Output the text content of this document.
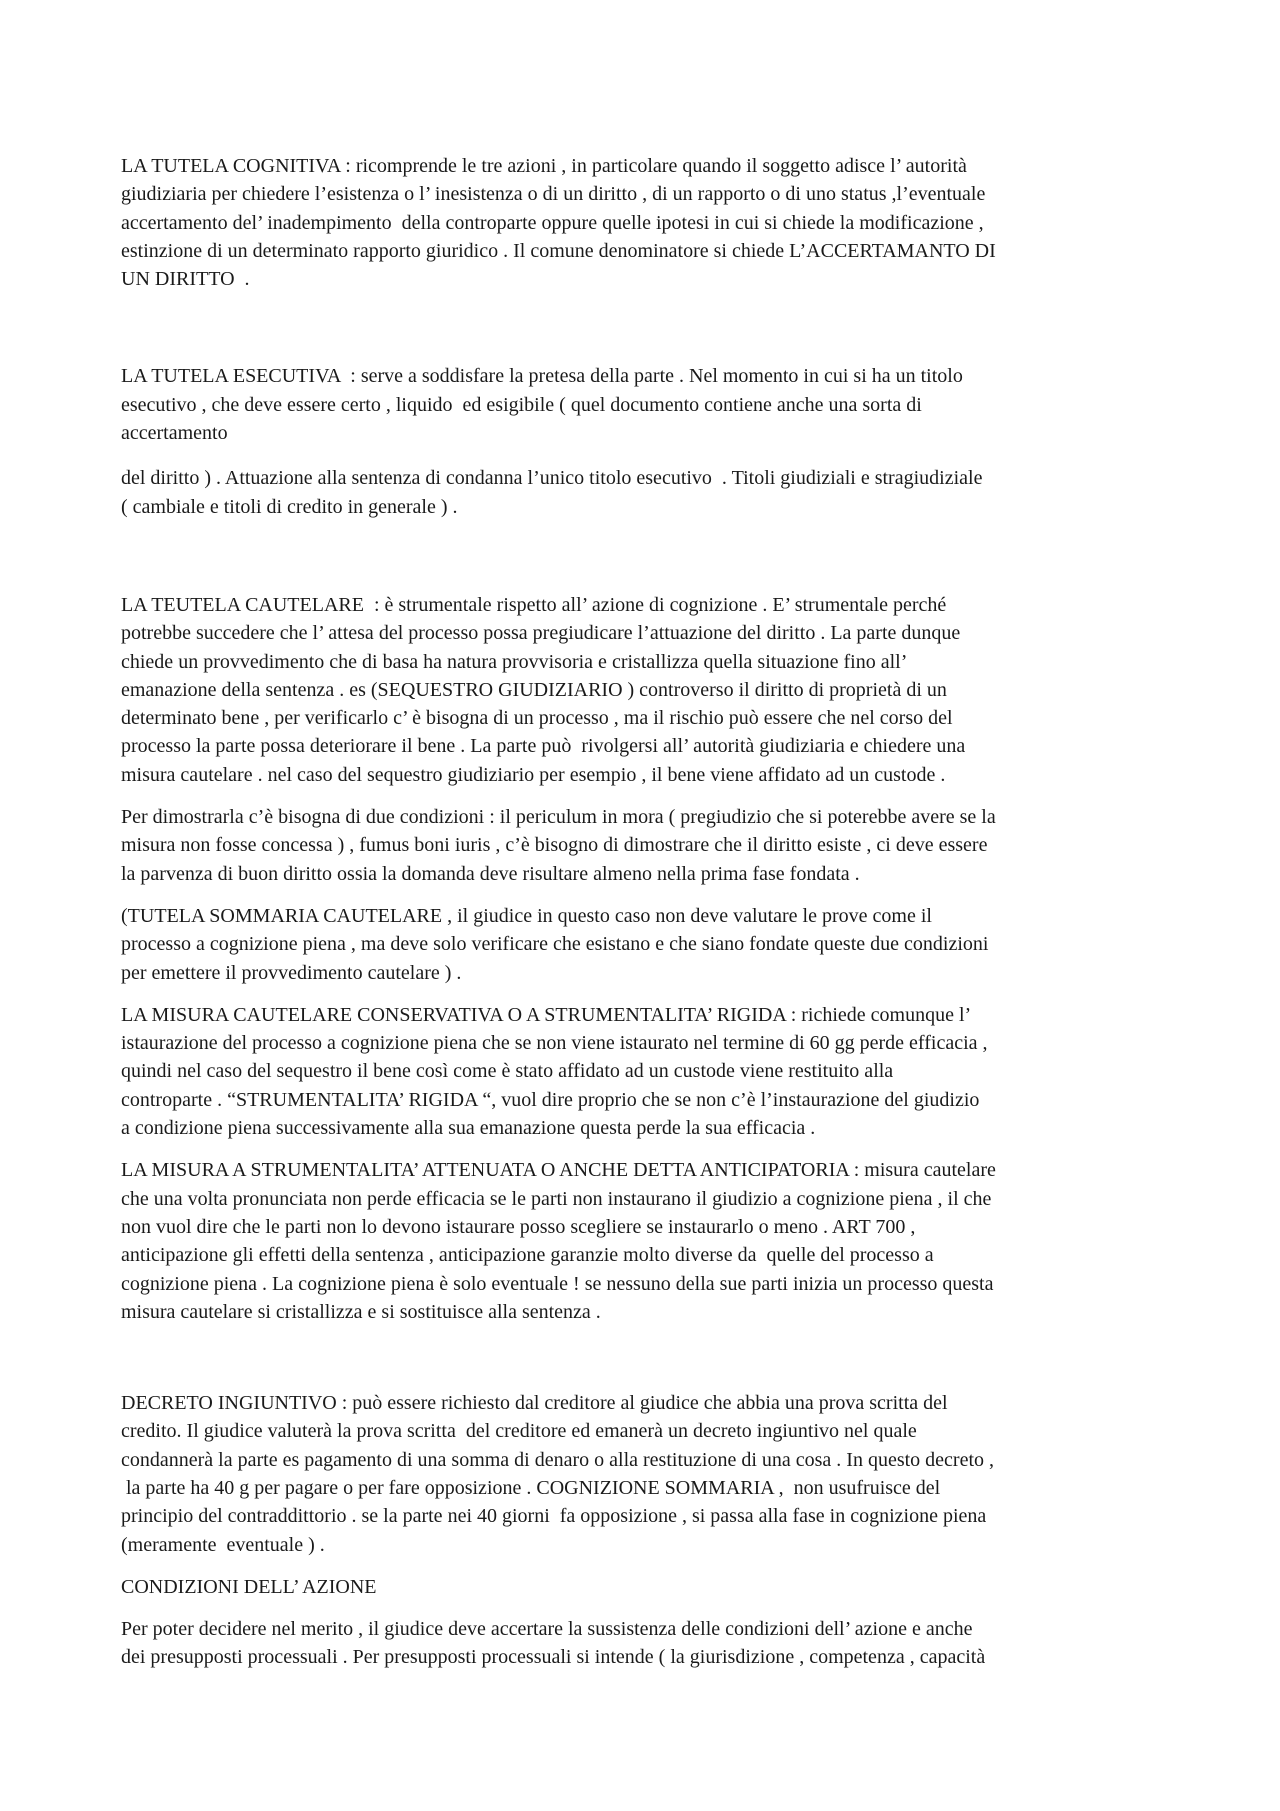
LA TUTELA COGNITIVA : ricomprende le tre azioni , in particolare quando il soggetto adisce l’ autorità
giudiziaria per chiedere l’esistenza o l’ inesistenza o di un diritto , di un rapporto o di uno status ,l’eventuale
accertamento del’ inadempimento  della controparte oppure quelle ipotesi in cui si chiede la modificazione ,
estinzione di un determinato rapporto giuridico . Il comune denominatore si chiede L’ACCERTAMANTO DI
UN DIRITTO  .

LA TUTELA ESECUTIVA  : serve a soddisfare la pretesa della parte . Nel momento in cui si ha un titolo
esecutivo , che deve essere certo , liquido  ed esigibile ( quel documento contiene anche una sorta di
accertamento

del diritto ) . Attuazione alla sentenza di condanna l’unico titolo esecutivo  . Titoli giudiziali e stragiudiziale
( cambiale e titoli di credito in generale ) .

LA TEUTELA CAUTELARE  : è strumentale rispetto all’ azione di cognizione . E’ strumentale perché
potrebbe succedere che l’ attesa del processo possa pregiudicare l’attuazione del diritto . La parte dunque
chiede un provvedimento che di basa ha natura provvisoria e cristallizza quella situazione fino all’
emanazione della sentenza . es (SEQUESTRO GIUDIZIARIO ) controverso il diritto di proprietà di un
determinato bene , per verificarlo c’ è bisogna di un processo , ma il rischio può essere che nel corso del
processo la parte possa deteriorare il bene . La parte può  rivolgersi all’ autorità giudiziaria e chiedere una
misura cautelare . nel caso del sequestro giudiziario per esempio , il bene viene affidato ad un custode .

Per dimostrarla c’è bisogna di due condizioni : il periculum in mora ( pregiudizio che si poterebbe avere se la
misura non fosse concessa ) , fumus boni iuris , c’è bisogno di dimostrare che il diritto esiste , ci deve essere
la parvenza di buon diritto ossia la domanda deve risultare almeno nella prima fase fondata .

(TUTELA SOMMARIA CAUTELARE , il giudice in questo caso non deve valutare le prove come il
processo a cognizione piena , ma deve solo verificare che esistano e che siano fondate queste due condizioni
per emettere il provvedimento cautelare ) .

LA MISURA CAUTELARE CONSERVATIVA O A STRUMENTALITA’ RIGIDA : richiede comunque l’
istaurazione del processo a cognizione piena che se non viene istaurato nel termine di 60 gg perde efficacia ,
quindi nel caso del sequestro il bene così come è stato affidato ad un custode viene restituito alla
controparte . “STRUMENTALITA’ RIGIDA “, vuol dire proprio che se non c’è l’instaurazione del giudizio
a condizione piena successivamente alla sua emanazione questa perde la sua efficacia .

LA MISURA A STRUMENTALITA’ ATTENUATA O ANCHE DETTA ANTICIPATORIA : misura cautelare
che una volta pronunciata non perde efficacia se le parti non instaurano il giudizio a cognizione piena , il che
non vuol dire che le parti non lo devono istaurare posso scegliere se instaurarlo o meno . ART 700 ,
anticipazione gli effetti della sentenza , anticipazione garanzie molto diverse da  quelle del processo a
cognizione piena . La cognizione piena è solo eventuale ! se nessuno della sue parti inizia un processo questa
misura cautelare si cristallizza e si sostituisce alla sentenza .

DECRETO INGIUNTIVO : può essere richiesto dal creditore al giudice che abbia una prova scritta del
credito. Il giudice valuterà la prova scritta  del creditore ed emanerà un decreto ingiuntivo nel quale
condannerà la parte es pagamento di una somma di denaro o alla restituzione di una cosa . In questo decreto ,
la parte ha 40 g per pagare o per fare opposizione . COGNIZIONE SOMMARIA ,  non usufruisce del
principio del contraddittorio . se la parte nei 40 giorni  fa opposizione , si passa alla fase in cognizione piena
(meramente  eventuale ) .

CONDIZIONI DELL’ AZIONE

Per poter decidere nel merito , il giudice deve accertare la sussistenza delle condizioni dell’ azione e anche
dei presupposti processuali . Per presupposti processuali si intende ( la giurisdizione , competenza , capacità
